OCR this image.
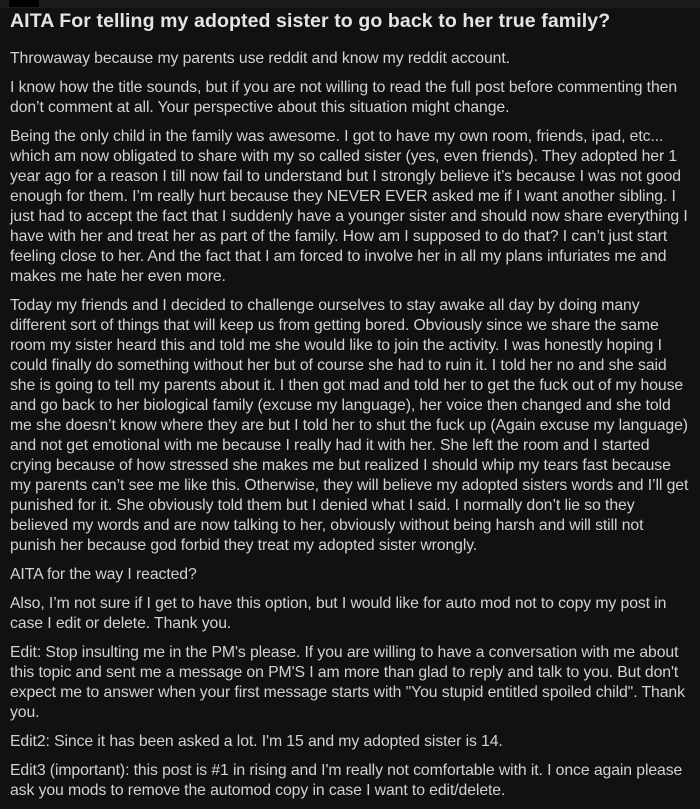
AITA For telling my adopted sister to go back to her true family?

Throwaway because my parents use reddit and know my reddit account.

I know how the title sounds, but if you are not willing to read the full post before commenting then don’t comment at all. Your perspective about this situation might change.

Being the only child in the family was awesome. I got to have my own room, friends, ipad, etc... which am now obligated to share with my so called sister (yes, even friends). They adopted her 1 year ago for a reason I till now fail to understand but I strongly believe it’s because I was not good enough for them. I’m really hurt because they NEVER EVER asked me if I want another sibling. I just had to accept the fact that I suddenly have a younger sister and should now share everything I have with her and treat her as part of the family. How am I supposed to do that? I can’t just start feeling close to her. And the fact that I am forced to involve her in all my plans infuriates me and makes me hate her even more.

Today my friends and I decided to challenge ourselves to stay awake all day by doing many different sort of things that will keep us from getting bored. Obviously since we share the same room my sister heard this and told me she would like to join the activity. I was honestly hoping I could finally do something without her but of course she had to ruin it. I told her no and she said she is going to tell my parents about it. I then got mad and told her to get the fuck out of my house and go back to her biological family (excuse my language), her voice then changed and she told me she doesn’t know where they are but I told her to shut the fuck up (Again excuse my language) and not get emotional with me because I really had it with her. She left the room and I started crying because of how stressed she makes me but realized I should whip my tears fast because my parents can’t see me like this. Otherwise, they will believe my adopted sisters words and I’ll get punished for it. She obviously told them but I denied what I said. I normally don’t lie so they believed my words and are now talking to her, obviously without being harsh and will still not punish her because god forbid they treat my adopted sister wrongly.

AITA for the way I reacted?

Also, I’m not sure if I get to have this option, but I would like for auto mod not to copy my post in case I edit or delete. Thank you.

Edit: Stop insulting me in the PM's please. If you are willing to have a conversation with me about this topic and sent me a message on PM'S I am more than glad to reply and talk to you. But don't expect me to answer when your first message starts with "You stupid entitled spoiled child". Thank you.

Edit2: Since it has been asked a lot. I'm 15 and my adopted sister is 14.

Edit3 (important): this post is #1 in rising and I'm really not comfortable with it. I once again please ask you mods to remove the automod copy in case I want to edit/delete.
